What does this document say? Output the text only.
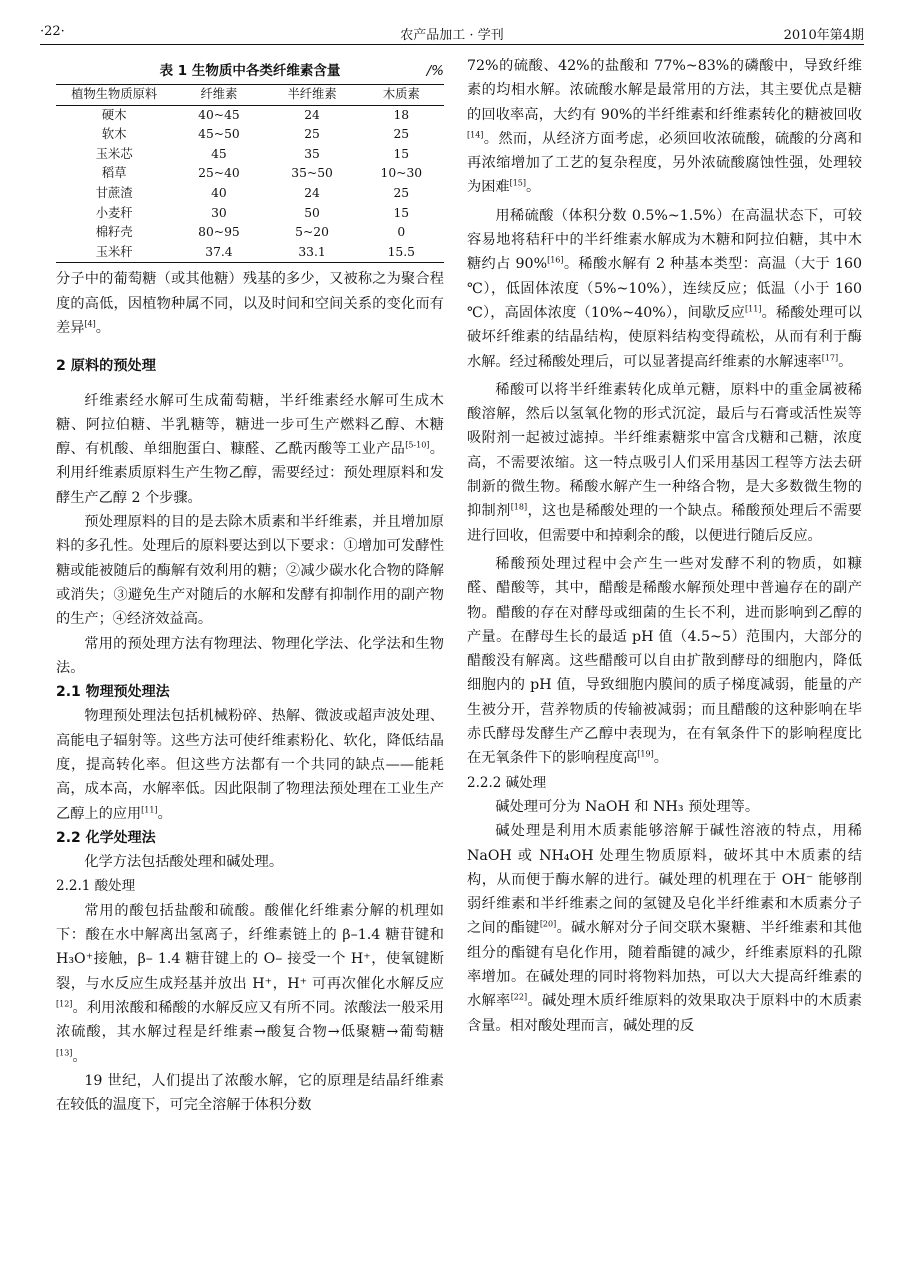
·22·	农产品加工 · 学刊	2010年第4期
表 1 生物质中各类纤维素含量	/%
植物生物质原料	纤维素	半纤维素	木质素
硬木	40~45	24	18
软木	45~50	25	25
玉米芯	45	35	15
稻草	25~40	35~50	10~30
甘蔗渣	40	24	25
小麦秆	30	50	15
棉籽壳	80~95	5~20	0
玉米秆	37.4	33.1	15.5

分子中的葡萄糖（或其他糖）残基的多少，又被称之为聚合程度的高低，因植物种属不同，以及时间和空间关系的变化而有差异[4]。

2 原料的预处理

纤维素经水解可生成葡萄糖，半纤维素经水解可生成木糖、阿拉伯糖、半乳糖等，糖进一步可生产燃料乙醇、木糖醇、有机酸、单细胞蛋白、糠醛、乙酰丙酸等工业产品[5-10]。利用纤维素质原料生产生物乙醇，需要经过：预处理原料和发酵生产乙醇 2 个步骤。

预处理原料的目的是去除木质素和半纤维素，并且增加原料的多孔性。处理后的原料要达到以下要求：①增加可发酵性糖或能被随后的酶解有效利用的糖；②减少碳水化合物的降解或消失；③避免生产对随后的水解和发酵有抑制作用的副产物的生产；④经济效益高。

常用的预处理方法有物理法、物理化学法、化学法和生物法。

2.1 物理预处理法

物理预处理法包括机械粉碎、热解、微波或超声波处理、高能电子辐射等。这些方法可使纤维素粉化、软化，降低结晶度，提高转化率。但这些方法都有一个共同的缺点——能耗高，成本高，水解率低。因此限制了物理法预处理在工业生产乙醇上的应用[11]。

2.2 化学处理法

化学方法包括酸处理和碱处理。

2.2.1 酸处理

常用的酸包括盐酸和硫酸。酸催化纤维素分解的机理如下：酸在水中解离出氢离子，纤维素链上的 β–1.4 糖苷键和 H₃O⁺接触，β– 1.4 糖苷键上的 O– 接受一个 H⁺，使氧键断裂，与水反应生成羟基并放出 H⁺，H⁺ 可再次催化水解反应[12]。利用浓酸和稀酸的水解反应又有所不同。浓酸法一般采用浓硫酸，其水解过程是纤维素→酸复合物→低聚糖→葡萄糖[13]。

19 世纪，人们提出了浓酸水解，它的原理是结晶纤维素在较低的温度下，可完全溶解于体积分数

72%的硫酸、42%的盐酸和 77%~83%的磷酸中，导致纤维素的均相水解。浓硫酸水解是最常用的方法，其主要优点是糖的回收率高，大约有 90%的半纤维素和纤维素转化的糖被回收[14]。然而，从经济方面考虑，必须回收浓硫酸，硫酸的分离和再浓缩增加了工艺的复杂程度，另外浓硫酸腐蚀性强，处理较为困难[15]。

用稀硫酸（体积分数 0.5%~1.5%）在高温状态下，可较容易地将秸秆中的半纤维素水解成为木糖和阿拉伯糖，其中木糖约占 90%[16]。稀酸水解有 2 种基本类型：高温（大于 160 ℃），低固体浓度（5%~10%），连续反应；低温（小于 160 ℃），高固体浓度（10%~40%），间歇反应[11]。稀酸处理可以破坏纤维素的结晶结构，使原料结构变得疏松，从而有利于酶水解。经过稀酸处理后，可以显著提高纤维素的水解速率[17]。

稀酸可以将半纤维素转化成单元糖，原料中的重金属被稀酸溶解，然后以氢氧化物的形式沉淀，最后与石膏或活性炭等吸附剂一起被过滤掉。半纤维素糖浆中富含戊糖和己糖，浓度高，不需要浓缩。这一特点吸引人们采用基因工程等方法去研制新的微生物。稀酸水解产生一种络合物，是大多数微生物的抑制剂[18]，这也是稀酸处理的一个缺点。稀酸预处理后不需要进行回收，但需要中和掉剩余的酸，以便进行随后反应。

稀酸预处理过程中会产生一些对发酵不利的物质，如糠醛、醋酸等，其中，醋酸是稀酸水解预处理中普遍存在的副产物。醋酸的存在对酵母或细菌的生长不利，进而影响到乙醇的产量。在酵母生长的最适 pH 值（4.5~5）范围内，大部分的醋酸没有解离。这些醋酸可以自由扩散到酵母的细胞内，降低细胞内的 pH 值，导致细胞内膜间的质子梯度减弱，能量的产生被分开，营养物质的传输被减弱；而且醋酸的这种影响在毕赤氏酵母发酵生产乙醇中表现为，在有氧条件下的影响程度比在无氧条件下的影响程度高[19]。

2.2.2 碱处理

碱处理可分为 NaOH 和 NH₃ 预处理等。

碱处理是利用木质素能够溶解于碱性溶液的特点，用稀 NaOH 或 NH₄OH 处理生物质原料，破坏其中木质素的结构，从而便于酶水解的进行。碱处理的机理在于 OH⁻ 能够削弱纤维素和半纤维素之间的氢键及皂化半纤维素和木质素分子之间的酯键[20]。碱水解对分子间交联木聚糖、半纤维素和其他组分的酯键有皂化作用，随着酯键的减少，纤维素原料的孔隙率增加。在碱处理的同时将物料加热，可以大大提高纤维素的水解率[22]。碱处理木质纤维原料的效果取决于原料中的木质素含量。相对酸处理而言，碱处理的反
